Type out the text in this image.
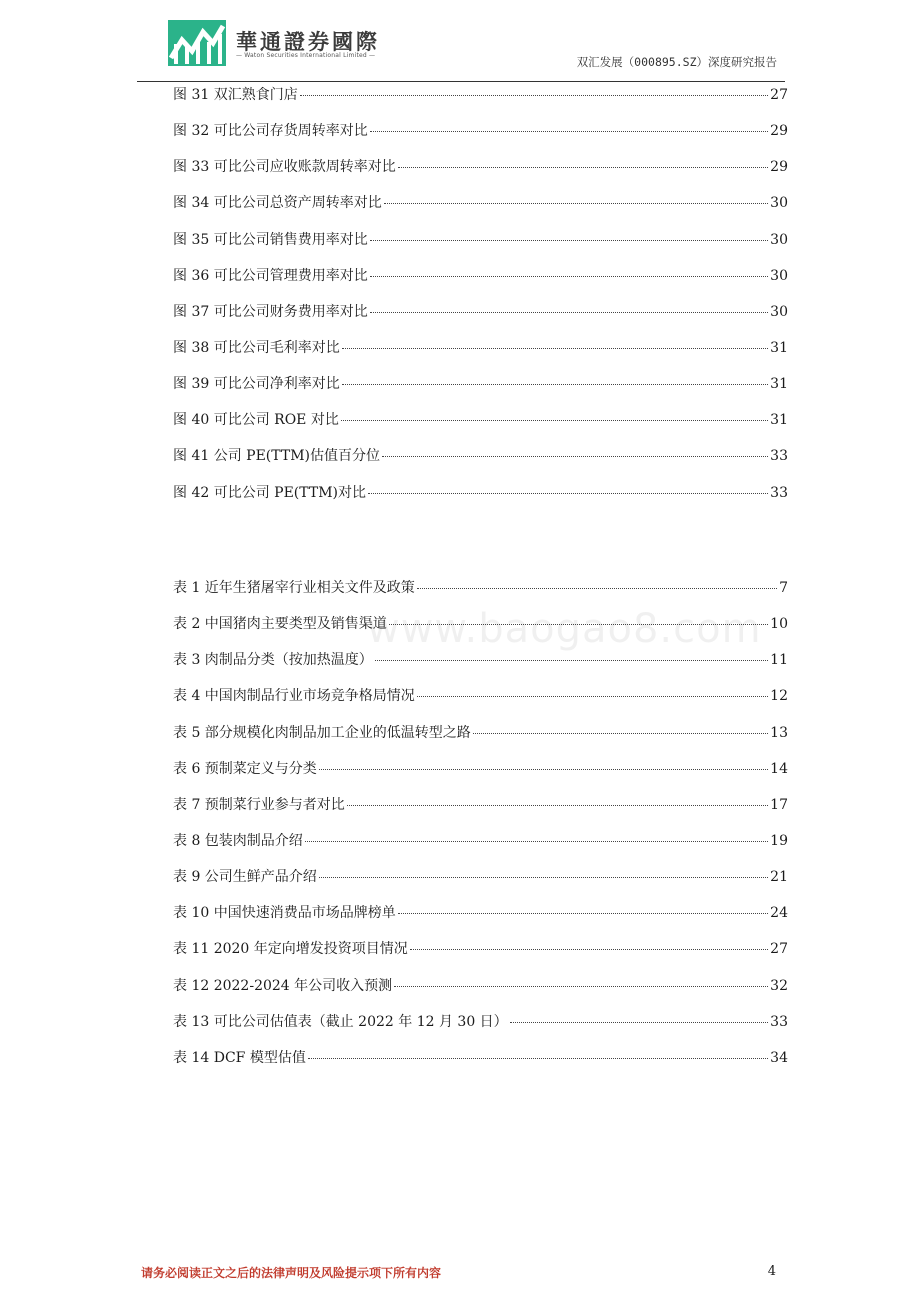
華通證券國際
— Waton Securities International Limited —	双汇发展（000895.SZ）深度研究报告
www.baogao8.com
图 31 双汇熟食门店	27
图 32 可比公司存货周转率对比	29
图 33 可比公司应收账款周转率对比	29
图 34 可比公司总资产周转率对比	30
图 35 可比公司销售费用率对比	30
图 36 可比公司管理费用率对比	30
图 37 可比公司财务费用率对比	30
图 38 可比公司毛利率对比	31
图 39 可比公司净利率对比	31
图 40 可比公司 ROE 对比	31
图 41 公司 PE(TTM)估值百分位	33
图 42 可比公司 PE(TTM)对比	33
表 1 近年生猪屠宰行业相关文件及政策	7
表 2 中国猪肉主要类型及销售渠道	10
表 3 肉制品分类（按加热温度）	11
表 4 中国肉制品行业市场竞争格局情况	12
表 5 部分规模化肉制品加工企业的低温转型之路	13
表 6 预制菜定义与分类	14
表 7 预制菜行业参与者对比	17
表 8 包装肉制品介绍	19
表 9 公司生鲜产品介绍	21
表 10 中国快速消费品市场品牌榜单	24
表 11 2020 年定向增发投资项目情况	27
表 12 2022-2024 年公司收入预测	32
表 13 可比公司估值表（截止 2022 年 12 月 30 日）	33
表 14 DCF 模型估值	34
请务必阅读正文之后的法律声明及风险提示项下所有内容	4
